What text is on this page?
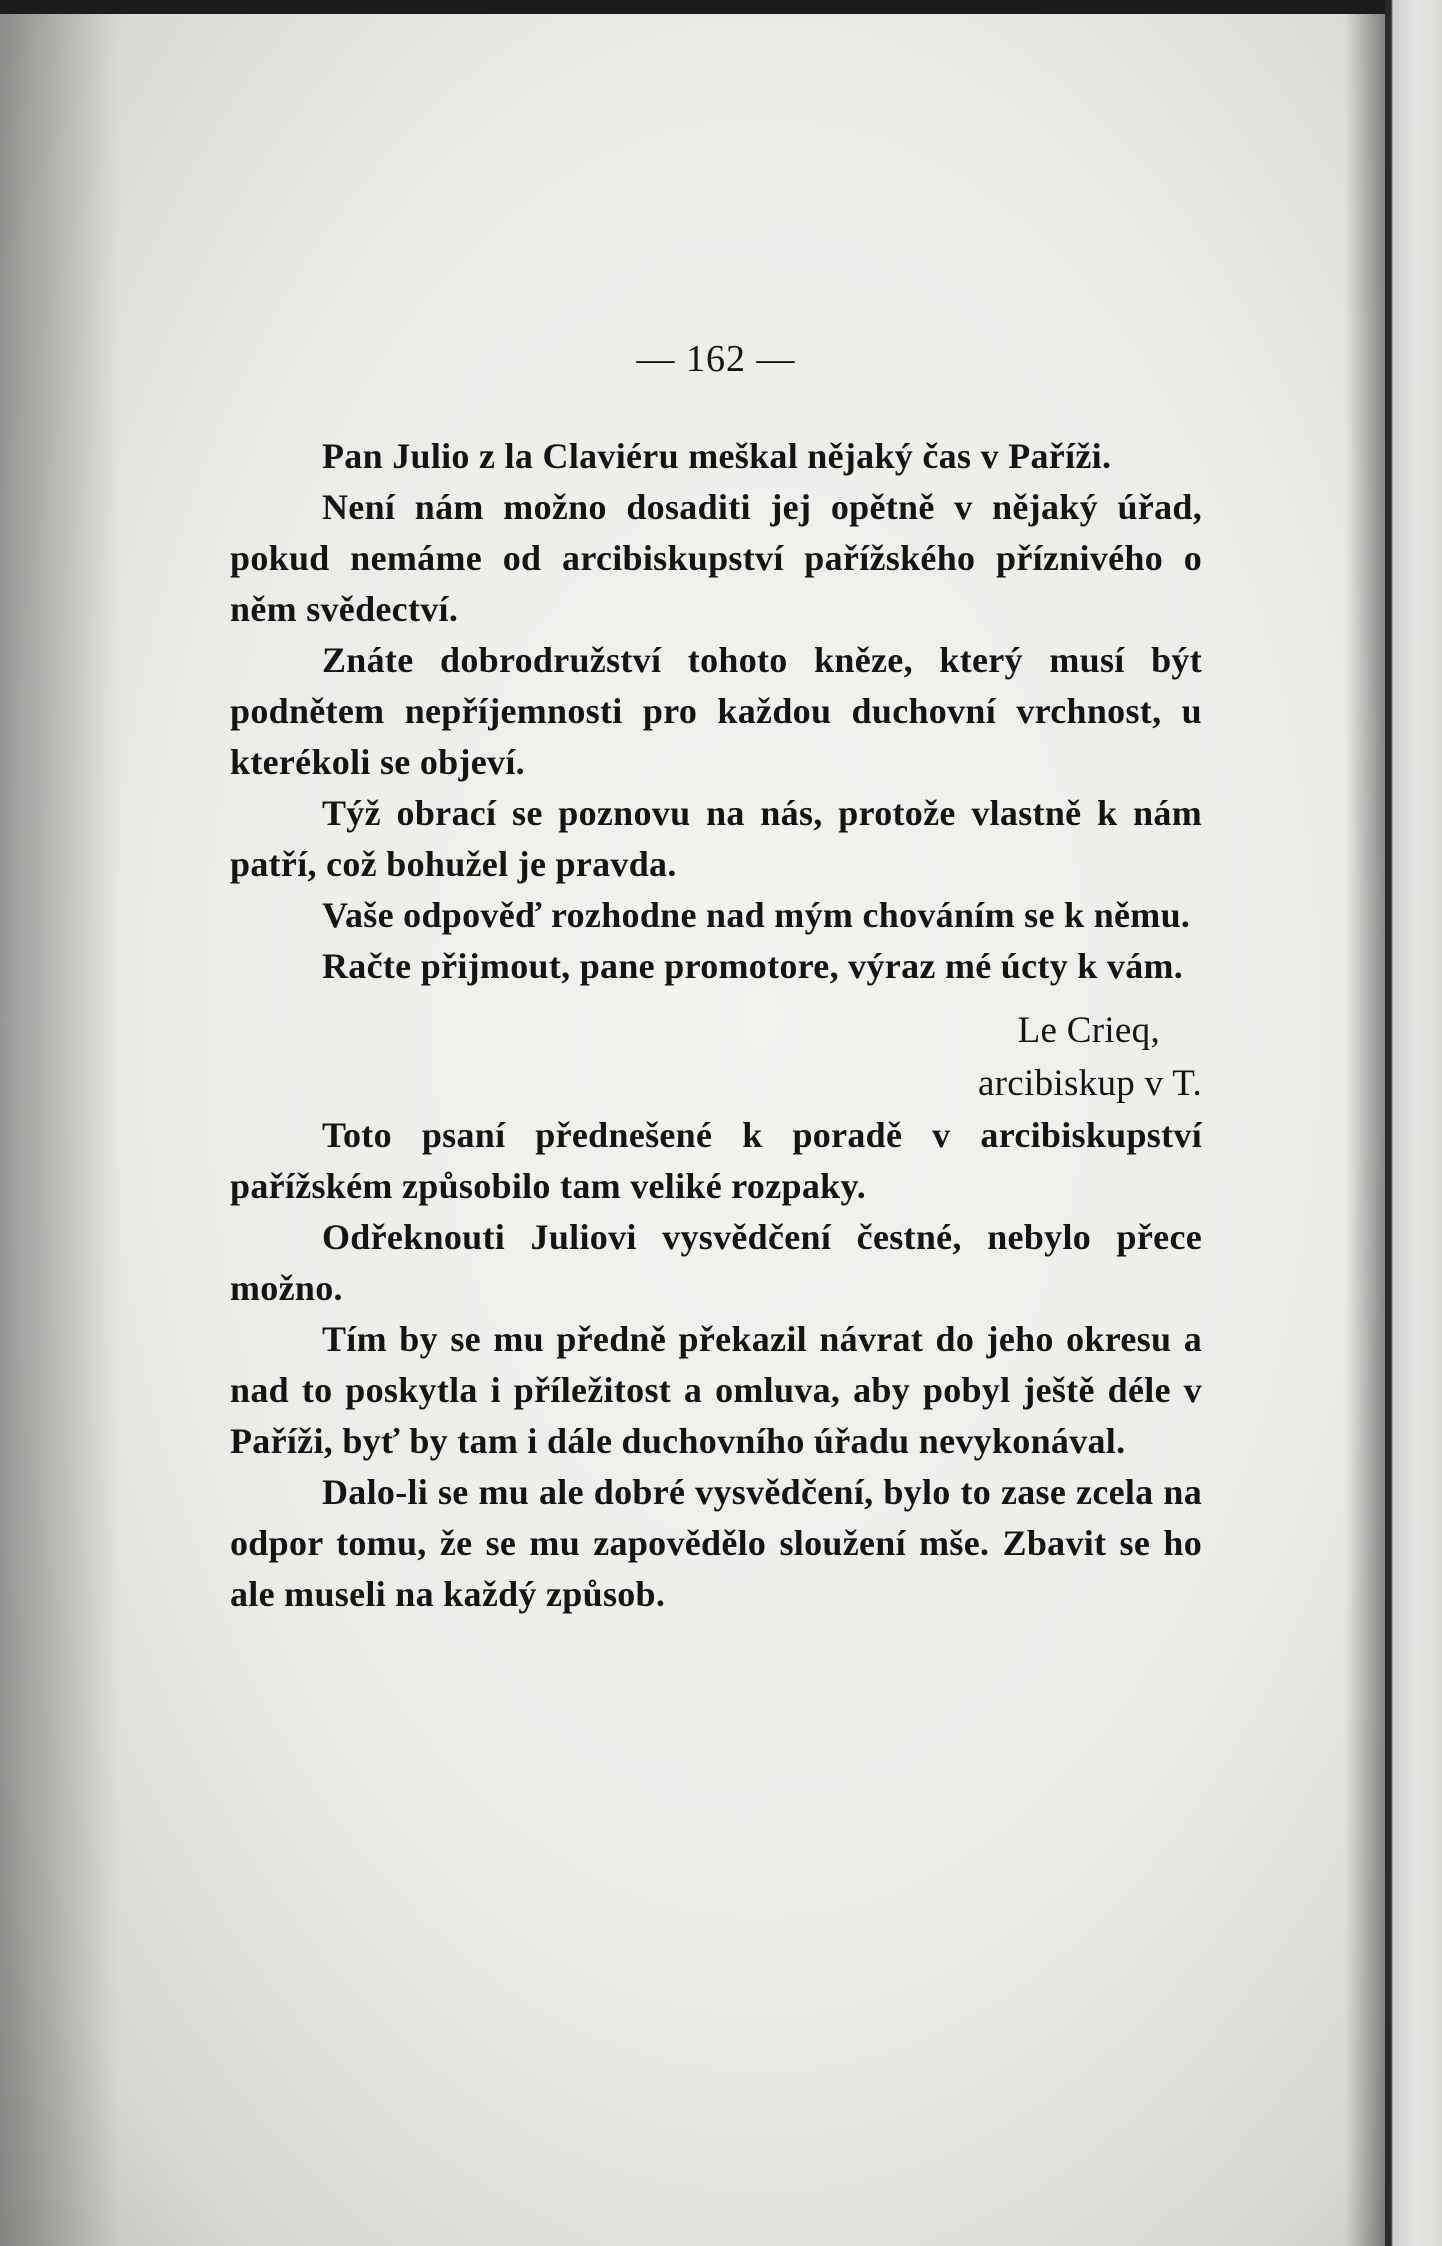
— 162 —

Pan Julio z la Claviéru meškal nějaký čas v Paříži.

Není nám možno dosaditi jej opětně v nějaký úřad, pokud nemáme od arcibiskupství pařížského příznivého o něm svědectví.

Znáte dobrodružství tohoto kněze, který musí být podnětem nepříjemnosti pro každou duchovní vrchnost, u kterékoli se objeví.

Týž obrací se poznovu na nás, protože vlastně k nám patří, což bohužel je pravda.

Vaše odpověď rozhodne nad mým chováním se k němu.

Račte přijmout, pane promotore, výraz mé úcty k vám.

Le Crieq,
arcibiskup v T.

Toto psaní přednešené k poradě v arcibiskupství pařížském způsobilo tam veliké rozpaky.

Odřeknouti Juliovi vysvědčení čestné, nebylo přece možno.

Tím by se mu předně překazil návrat do jeho okresu a nad to poskytla i příležitost a omluva, aby pobyl ještě déle v Paříži, byť by tam i dále duchovního úřadu nevykonával.

Dalo-li se mu ale dobré vysvědčení, bylo to zase zcela na odpor tomu, že se mu zapovědělo sloužení mše. Zbavit se ho ale museli na každý způsob.
